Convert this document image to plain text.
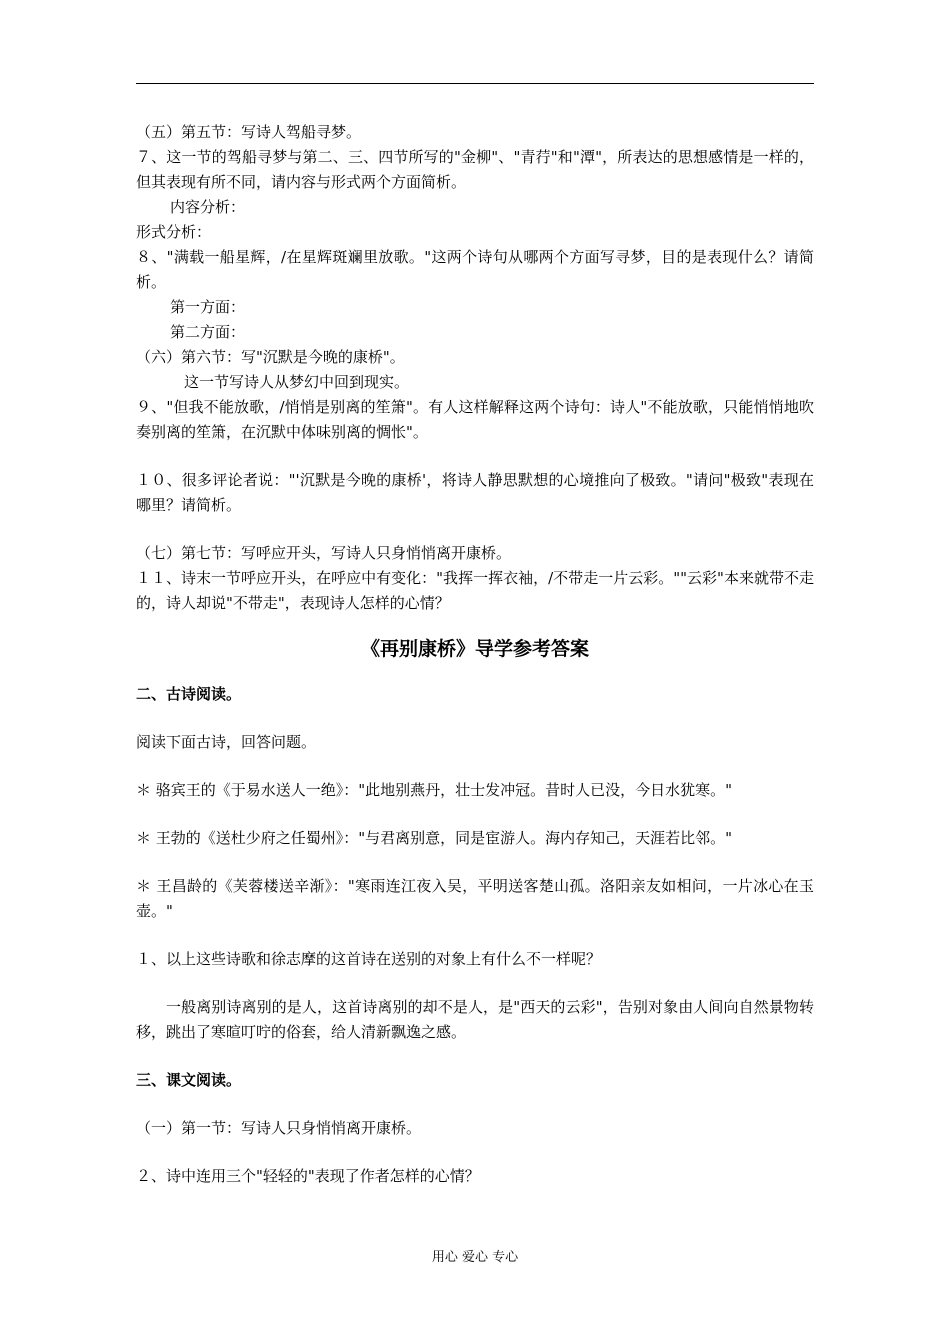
（五）第五节：写诗人驾船寻梦。

７、这一节的驾船寻梦与第二、三、四节所写的"金柳"、"青荇"和"潭"，所表达的思想感情是一样的，但其表现有所不同，请内容与形式两个方面简析。

内容分析：

形式分析：

８、"满载一船星辉，/在星辉斑斓里放歌。"这两个诗句从哪两个方面写寻梦，目的是表现什么？请简析。

第一方面：

第二方面：

（六）第六节：写"沉默是今晚的康桥"。

这一节写诗人从梦幻中回到现实。

９、"但我不能放歌，/悄悄是别离的笙箫"。有人这样解释这两个诗句：诗人"不能放歌，只能悄悄地吹奏别离的笙箫，在沉默中体味别离的惆怅"。

１０、很多评论者说："'沉默是今晚的康桥'，将诗人静思默想的心境推向了极致。"请问"极致"表现在哪里？请简析。

（七）第七节：写呼应开头，写诗人只身悄悄离开康桥。

１１、诗末一节呼应开头，在呼应中有变化："我挥一挥衣袖，/不带走一片云彩。""云彩"本来就带不走的，诗人却说"不带走"，表现诗人怎样的心情？

《再别康桥》导学参考答案

二、古诗阅读。

阅读下面古诗，回答问题。

＊ 骆宾王的《于易水送人一绝》："此地别燕丹，壮士发冲冠。昔时人已没，今日水犹寒。"

＊ 王勃的《送杜少府之任蜀州》："与君离别意，同是宦游人。海内存知己，天涯若比邻。"

＊ 王昌龄的《芙蓉楼送辛渐》："寒雨连江夜入吴，平明送客楚山孤。洛阳亲友如相问，一片冰心在玉壶。"

１、以上这些诗歌和徐志摩的这首诗在送别的对象上有什么不一样呢？

一般离别诗离别的是人，这首诗离别的却不是人，是"西天的云彩"，告别对象由人间向自然景物转移，跳出了寒暄叮咛的俗套，给人清新飘逸之感。

三、课文阅读。

（一）第一节：写诗人只身悄悄离开康桥。

２、诗中连用三个"轻轻的"表现了作者怎样的心情？

用心 爱心 专心
